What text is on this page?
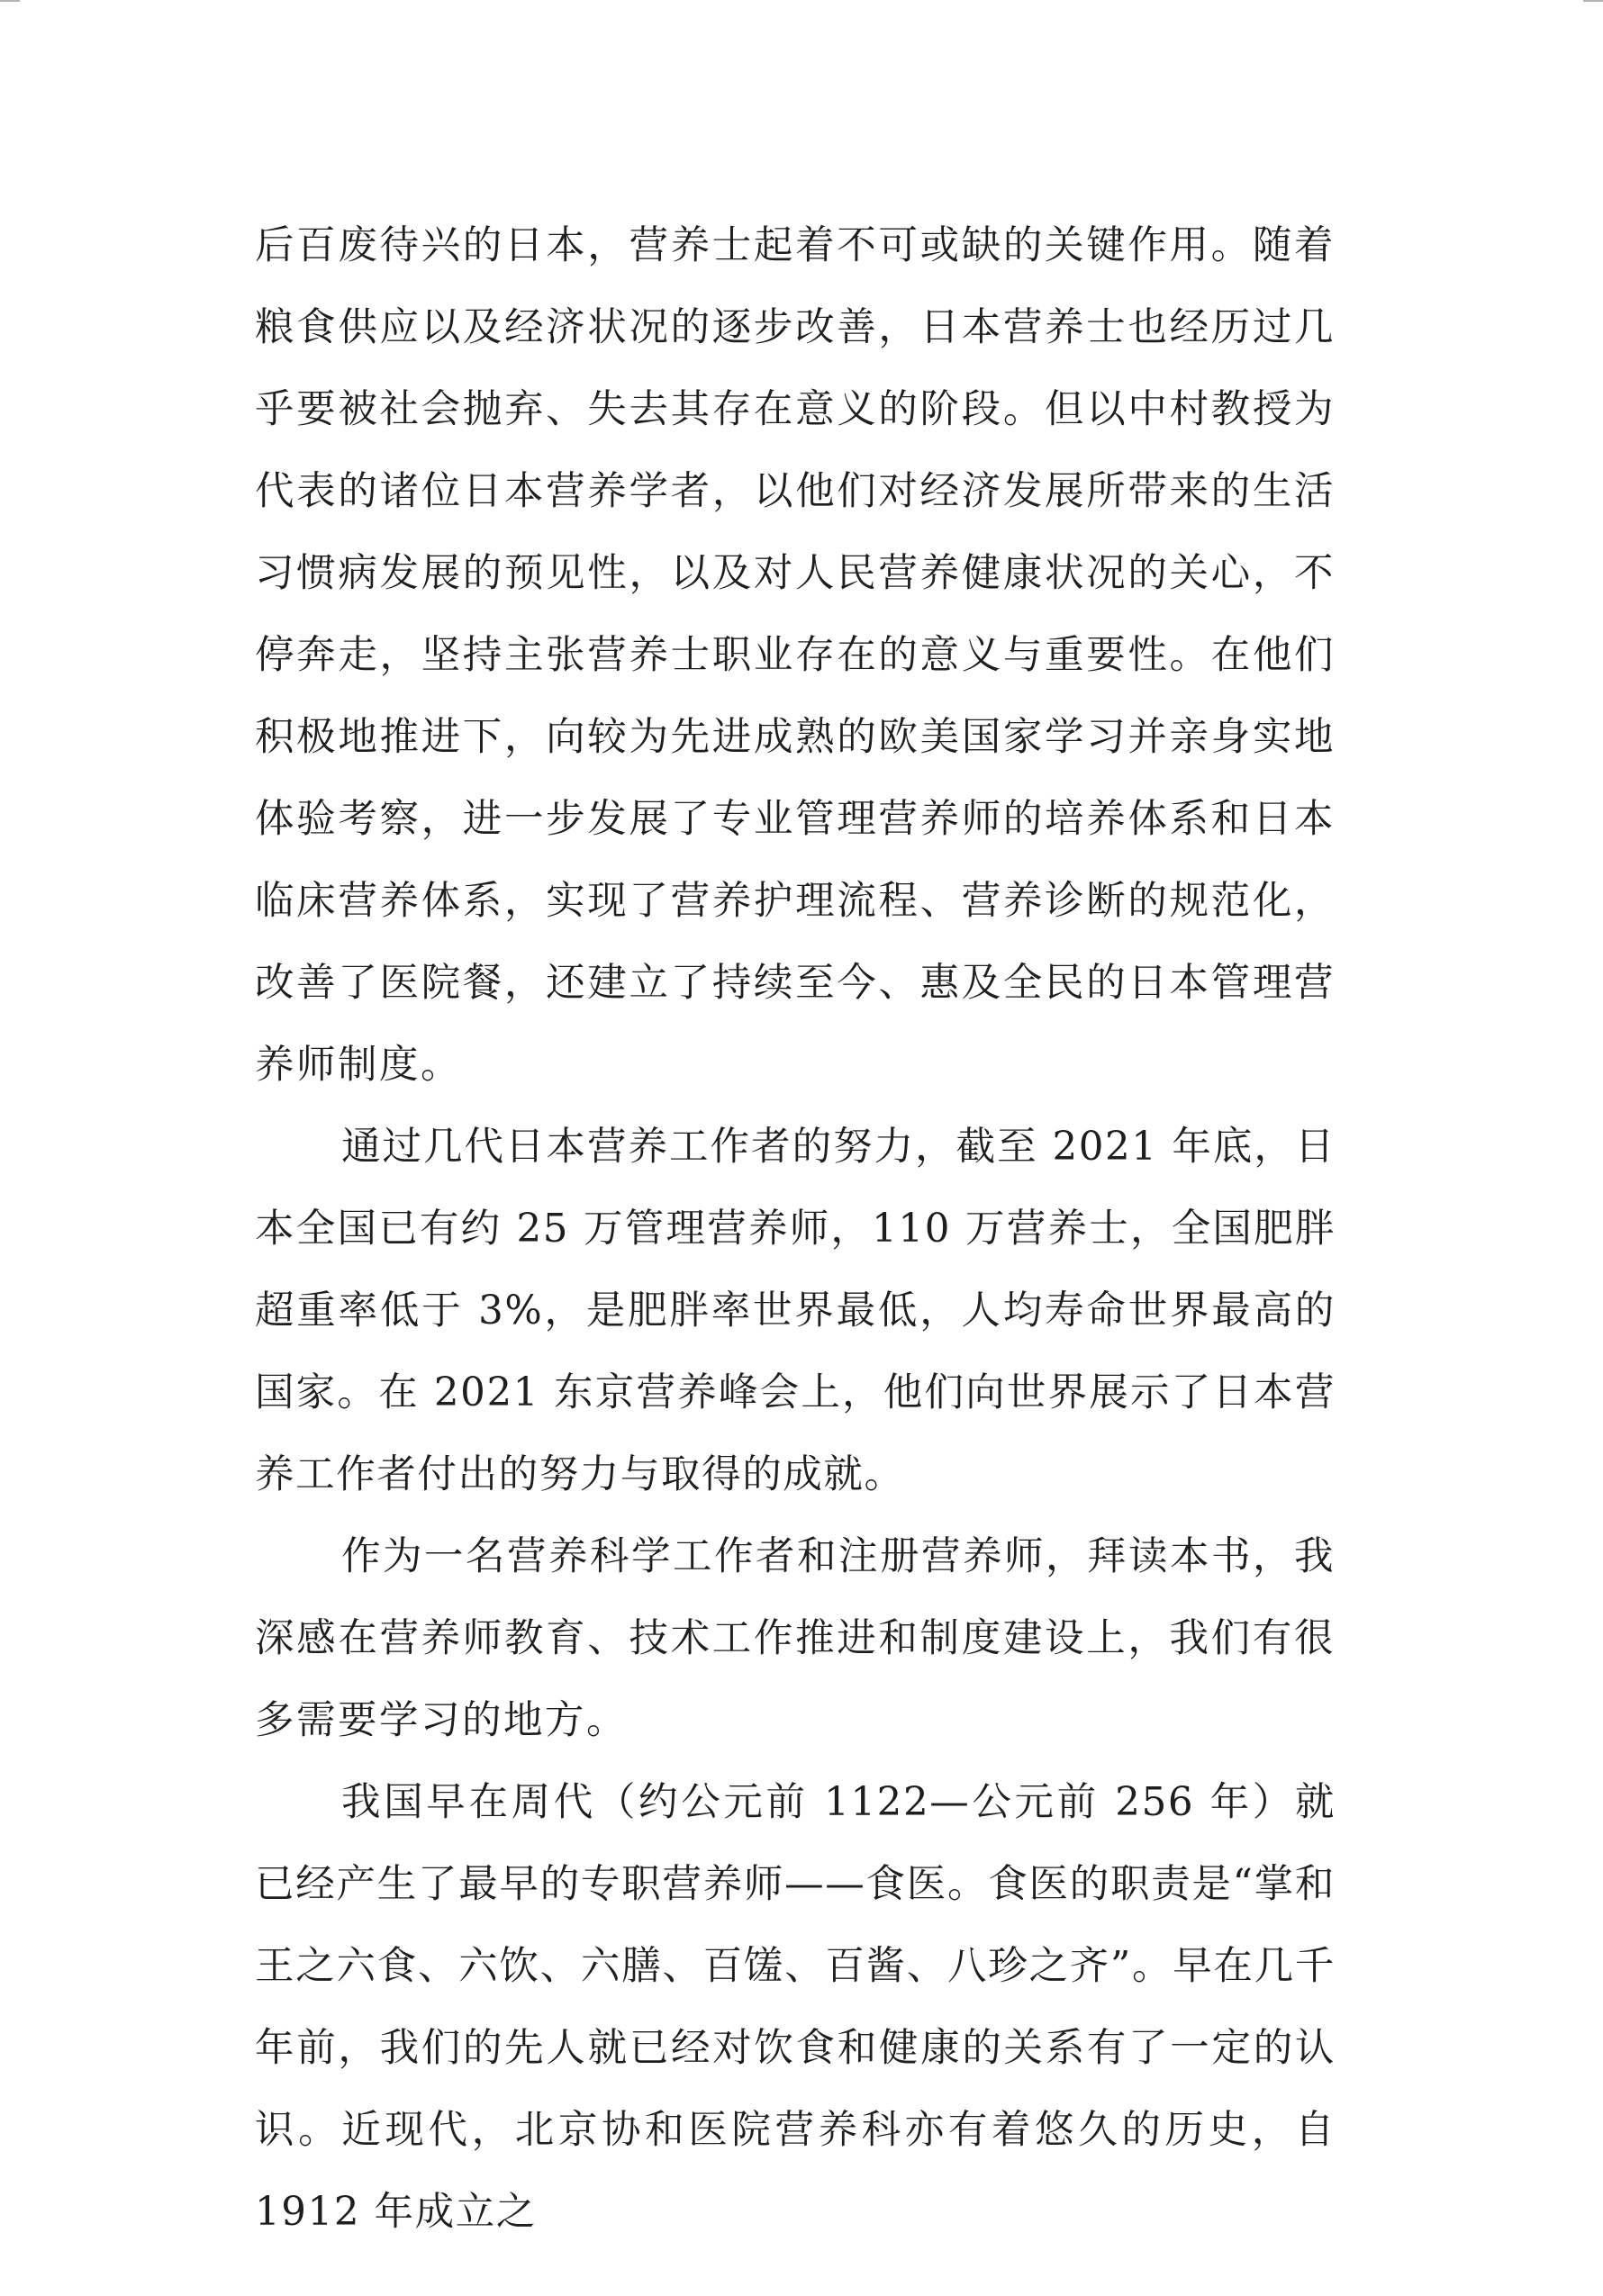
后百废待兴的日本，营养士起着不可或缺的关键作用。随着粮食供应以及经济状况的逐步改善，日本营养士也经历过几乎要被社会抛弃、失去其存在意义的阶段。但以中村教授为代表的诸位日本营养学者，以他们对经济发展所带来的生活习惯病发展的预见性，以及对人民营养健康状况的关心，不停奔走，坚持主张营养士职业存在的意义与重要性。在他们积极地推进下，向较为先进成熟的欧美国家学习并亲身实地体验考察，进一步发展了专业管理营养师的培养体系和日本临床营养体系，实现了营养护理流程、营养诊断的规范化，改善了医院餐，还建立了持续至今、惠及全民的日本管理营养师制度。

通过几代日本营养工作者的努力，截至 2021 年底，日本全国已有约 25 万管理营养师，110 万营养士，全国肥胖超重率低于 3%，是肥胖率世界最低，人均寿命世界最高的国家。在 2021 东京营养峰会上，他们向世界展示了日本营养工作者付出的努力与取得的成就。

作为一名营养科学工作者和注册营养师，拜读本书，我深感在营养师教育、技术工作推进和制度建设上，我们有很多需要学习的地方。

我国早在周代（约公元前 1122—公元前 256 年）就已经产生了最早的专职营养师——食医。食医的职责是“掌和王之六食、六饮、六膳、百馐、百酱、八珍之齐”。早在几千年前，我们的先人就已经对饮食和健康的关系有了一定的认识。近现代，北京协和医院营养科亦有着悠久的历史，自 1912 年成立之
